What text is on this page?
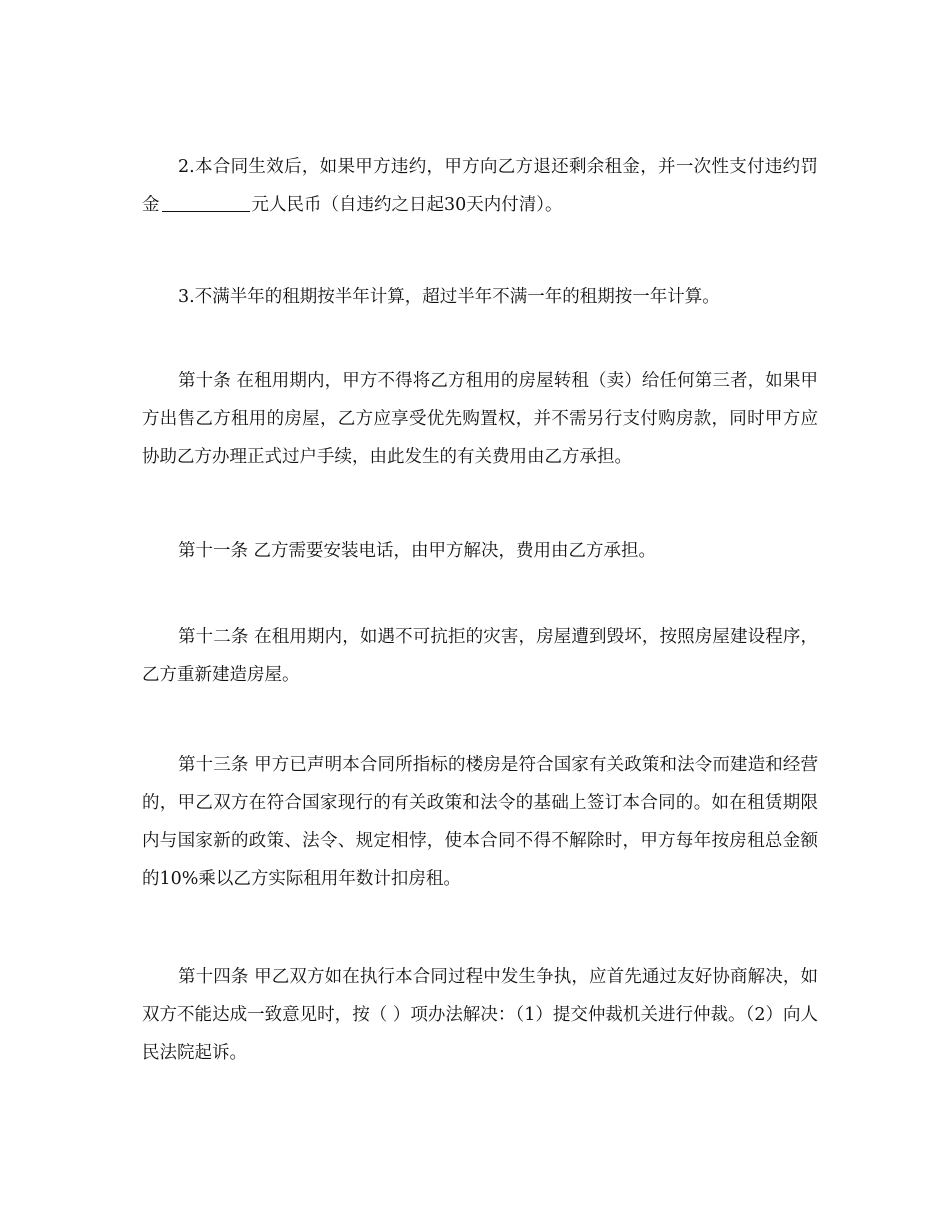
2.本合同生效后，如果甲方违约，甲方向乙方退还剩余租金，并一次性支付违约罚金	元人民币（自违约之日起30天内付清）。

3.不满半年的租期按半年计算，超过半年不满一年的租期按一年计算。

第十条 在租用期内，甲方不得将乙方租用的房屋转租（卖）给任何第三者，如果甲方出售乙方租用的房屋，乙方应享受优先购置权，并不需另行支付购房款，同时甲方应协助乙方办理正式过户手续，由此发生的有关费用由乙方承担。

第十一条 乙方需要安装电话，由甲方解决，费用由乙方承担。

第十二条 在租用期内，如遇不可抗拒的灾害，房屋遭到毁坏，按照房屋建设程序，乙方重新建造房屋。

第十三条 甲方已声明本合同所指标的楼房是符合国家有关政策和法令而建造和经营的，甲乙双方在符合国家现行的有关政策和法令的基础上签订本合同的。如在租赁期限内与国家新的政策、法令、规定相悖，使本合同不得不解除时，甲方每年按房租总金额的10%乘以乙方实际租用年数计扣房租。

第十四条 甲乙双方如在执行本合同过程中发生争执，应首先通过友好协商解决，如双方不能达成一致意见时，按（ ）项办法解决：（1）提交仲裁机关进行仲裁。（2）向人民法院起诉。
